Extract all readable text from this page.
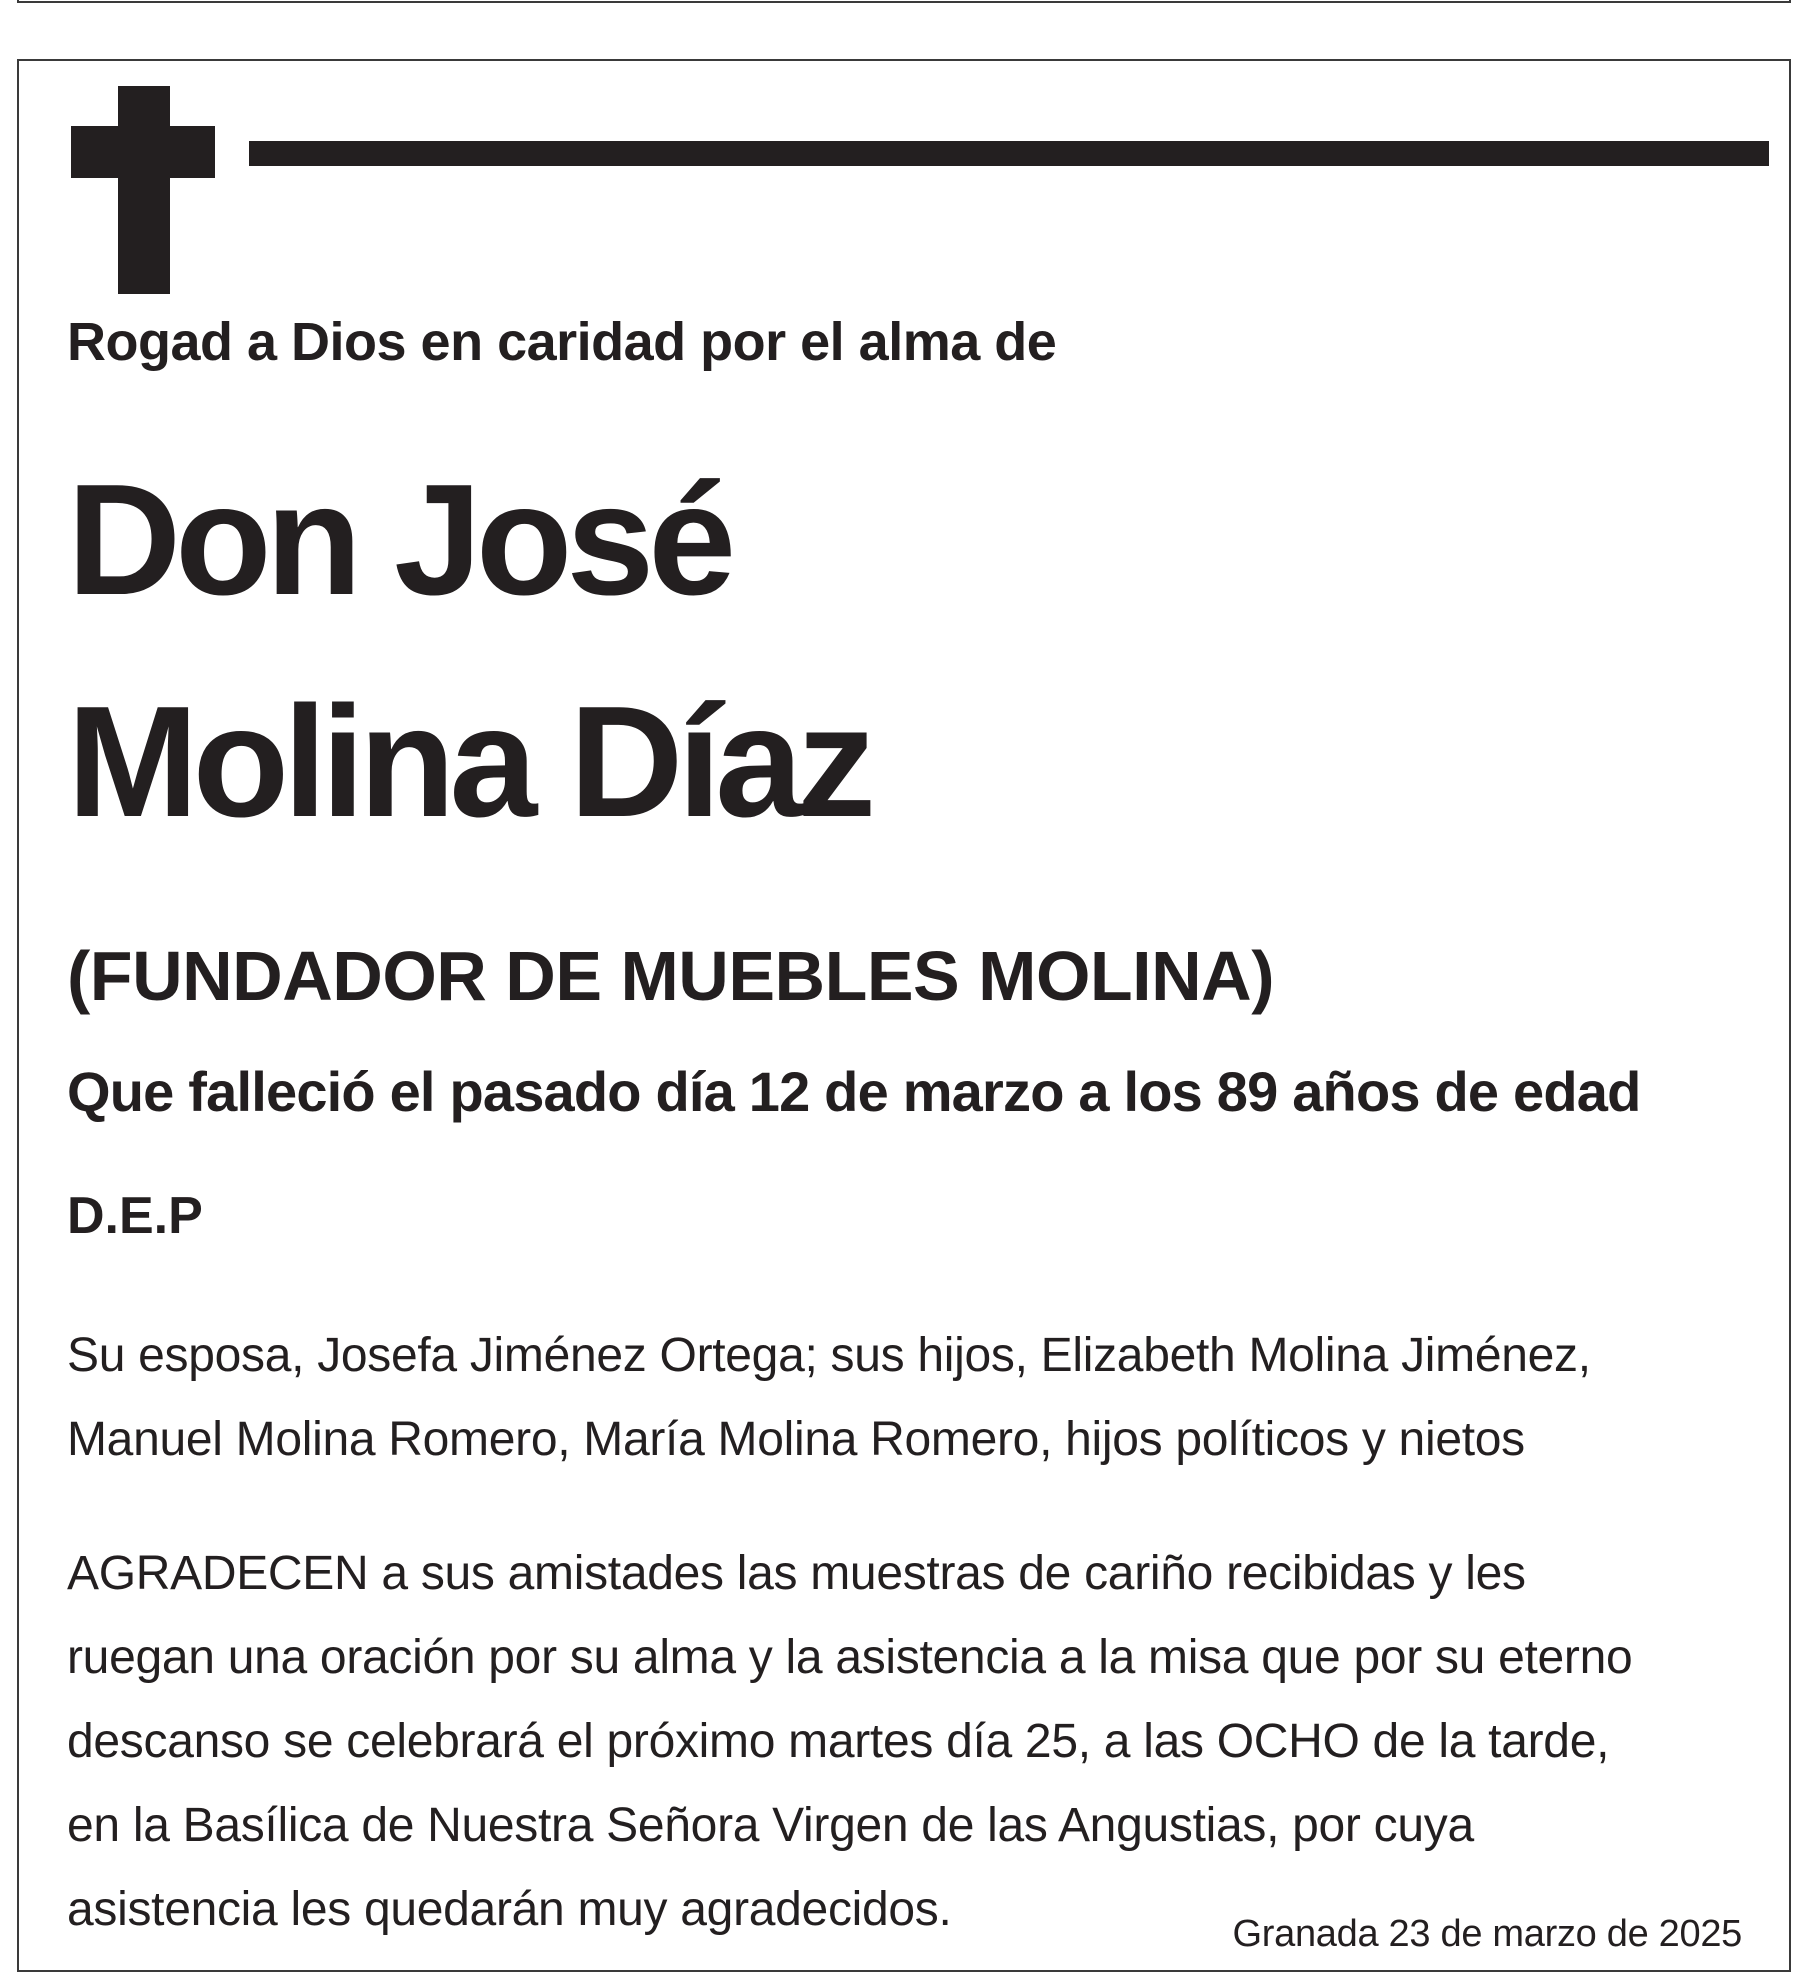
Rogad a Dios en caridad por el alma de

Don José

Molina Díaz

(FUNDADOR DE MUEBLES MOLINA)

Que falleció el pasado día 12 de marzo a los 89 años de edad

D.E.P

Su esposa, Josefa Jiménez Ortega; sus hijos, Elizabeth Molina Jiménez,
Manuel Molina Romero, María Molina Romero, hijos políticos y nietos
AGRADECEN a sus amistades las muestras de cariño recibidas y les
ruegan una oración por su alma y la asistencia a la misa que por su eterno
descanso se celebrará el próximo martes día 25, a las OCHO de la tarde,
en la Basílica de Nuestra Señora Virgen de las Angustias, por cuya
asistencia les quedarán muy agradecidos.	Granada 23 de marzo de 2025
